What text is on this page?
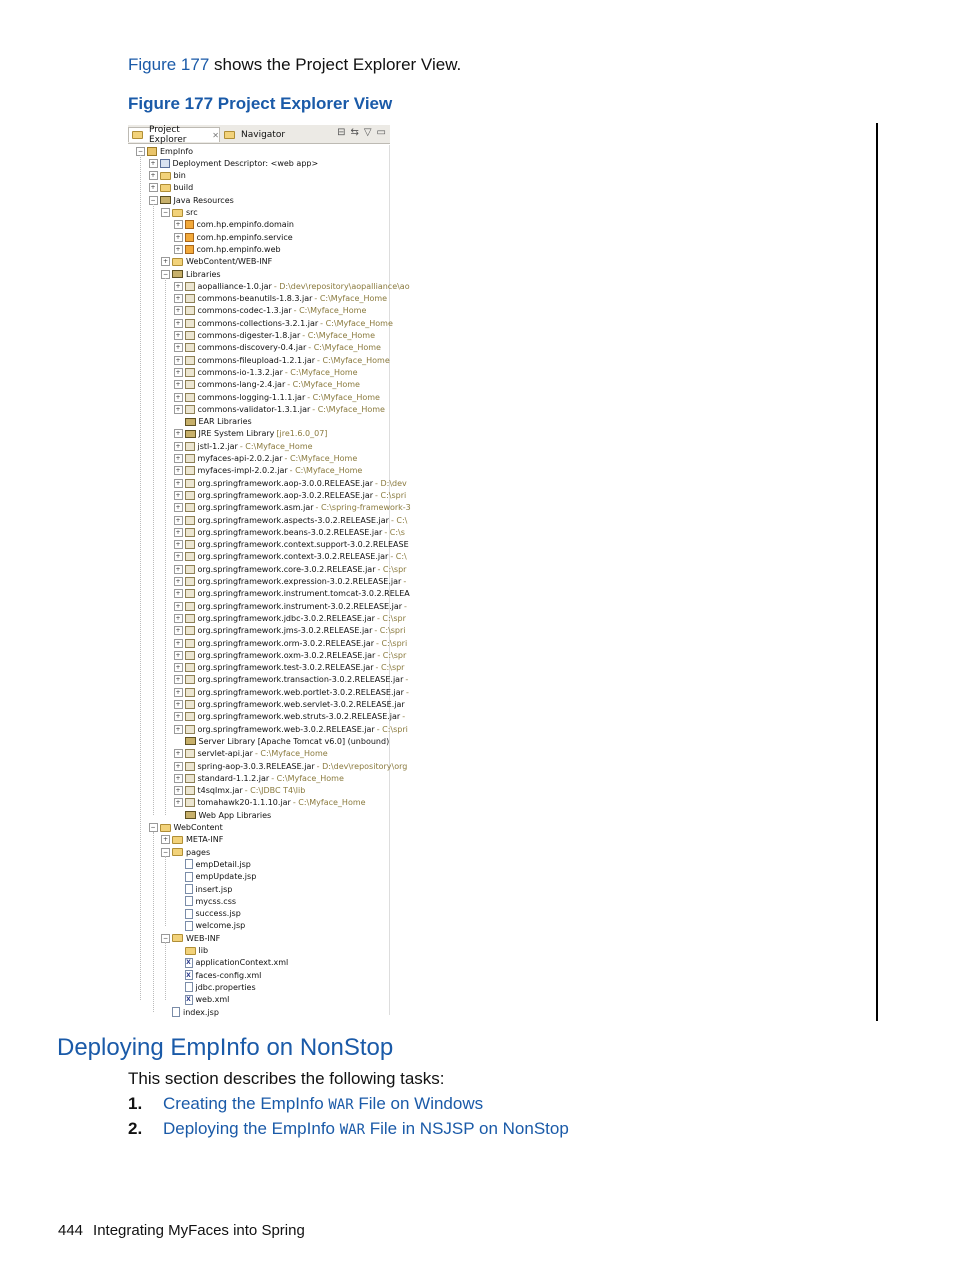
Figure 177 shows the Project Explorer View.
Figure 177 Project Explorer View
Project Explorer	✕ Navigator	⊟ ⇆ ▽ ▭
− EmpInfo
+ Deployment Descriptor: <web app>
+ bin
+ build
− Java Resources
− src
+ com.hp.empinfo.domain
+ com.hp.empinfo.service
+ com.hp.empinfo.web
+ WebContent/WEB-INF
− Libraries
+ aopalliance-1.0.jar - D:\dev\repository\aopalliance\ao
+ commons-beanutils-1.8.3.jar - C:\Myface_Home
+ commons-codec-1.3.jar - C:\Myface_Home
+ commons-collections-3.2.1.jar - C:\Myface_Home
+ commons-digester-1.8.jar - C:\Myface_Home
+ commons-discovery-0.4.jar - C:\Myface_Home
+ commons-fileupload-1.2.1.jar - C:\Myface_Home
+ commons-io-1.3.2.jar - C:\Myface_Home
+ commons-lang-2.4.jar - C:\Myface_Home
+ commons-logging-1.1.1.jar - C:\Myface_Home
+ commons-validator-1.3.1.jar - C:\Myface_Home
EAR Libraries
+ JRE System Library [jre1.6.0_07]
+ jstl-1.2.jar - C:\Myface_Home
+ myfaces-api-2.0.2.jar - C:\Myface_Home
+ myfaces-impl-2.0.2.jar - C:\Myface_Home
+ org.springframework.aop-3.0.0.RELEASE.jar - D:\dev
+ org.springframework.aop-3.0.2.RELEASE.jar - C:\spri
+ org.springframework.asm.jar - C:\spring-framework-3
+ org.springframework.aspects-3.0.2.RELEASE.jar - C:\
+ org.springframework.beans-3.0.2.RELEASE.jar - C:\s
+ org.springframework.context.support-3.0.2.RELEASE
+ org.springframework.context-3.0.2.RELEASE.jar - C:\
+ org.springframework.core-3.0.2.RELEASE.jar - C:\spr
+ org.springframework.expression-3.0.2.RELEASE.jar -
+ org.springframework.instrument.tomcat-3.0.2.RELEA
+ org.springframework.instrument-3.0.2.RELEASE.jar -
+ org.springframework.jdbc-3.0.2.RELEASE.jar - C:\spr
+ org.springframework.jms-3.0.2.RELEASE.jar - C:\spri
+ org.springframework.orm-3.0.2.RELEASE.jar - C:\spri
+ org.springframework.oxm-3.0.2.RELEASE.jar - C:\spr
+ org.springframework.test-3.0.2.RELEASE.jar - C:\spr
+ org.springframework.transaction-3.0.2.RELEASE.jar -
+ org.springframework.web.portlet-3.0.2.RELEASE.jar -
+ org.springframework.web.servlet-3.0.2.RELEASE.jar
+ org.springframework.web.struts-3.0.2.RELEASE.jar -
+ org.springframework.web-3.0.2.RELEASE.jar - C:\spri
Server Library [Apache Tomcat v6.0] (unbound)
+ servlet-api.jar - C:\Myface_Home
+ spring-aop-3.0.3.RELEASE.jar - D:\dev\repository\org
+ standard-1.1.2.jar - C:\Myface_Home
+ t4sqlmx.jar - C:\JDBC T4\lib
+ tomahawk20-1.1.10.jar - C:\Myface_Home
Web App Libraries
− WebContent
+ META-INF
− pages
empDetail.jsp
empUpdate.jsp
insert.jsp
mycss.css
success.jsp
welcome.jsp
− WEB-INF
lib
X applicationContext.xml
X faces-config.xml
jdbc.properties
X web.xml
index.jsp
Deploying EmpInfo on NonStop
This section describes the following tasks:
1.	Creating the EmpInfo WAR File on Windows
2.	Deploying the EmpInfo WAR File in NSJSP on NonStop
444 Integrating MyFaces into Spring
